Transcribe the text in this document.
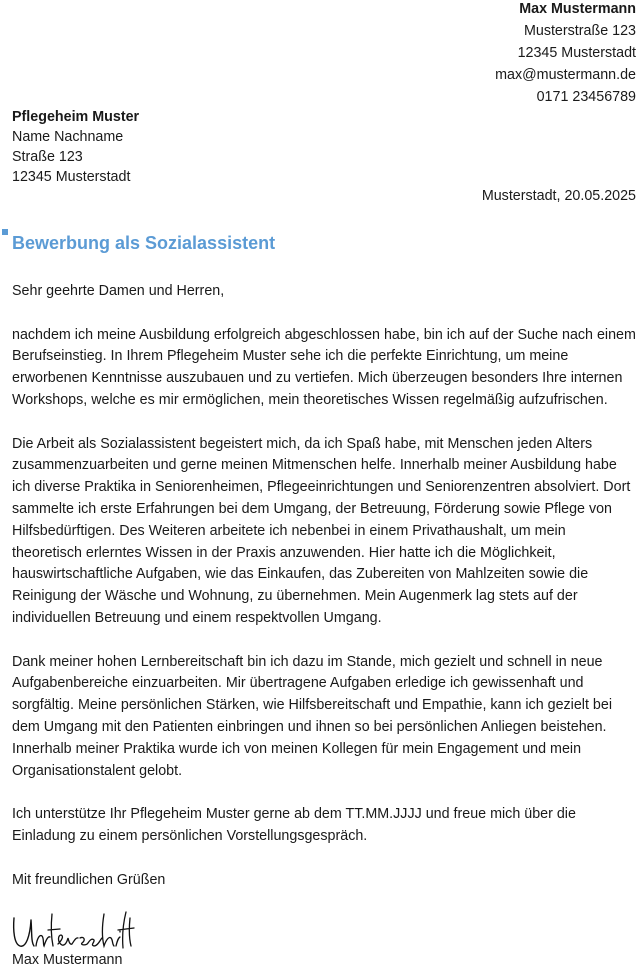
Max Mustermann
Musterstraße 123
12345 Musterstadt
max@mustermann.de
0171 23456789
Pflegeheim Muster
Name Nachname
Straße 123
12345 Musterstadt
Musterstadt, 20.05.2025
Bewerbung als Sozialassistent

Sehr geehrte Damen und Herren,

nachdem ich meine Ausbildung erfolgreich abgeschlossen habe, bin ich auf der Suche nach einem Berufseinstieg. In Ihrem Pflegeheim Muster sehe ich die perfekte Einrichtung, um meine erworbenen Kenntnisse auszubauen und zu vertiefen. Mich überzeugen besonders Ihre internen Workshops, welche es mir ermöglichen, mein theoretisches Wissen regelmäßig aufzufrischen.

Die Arbeit als Sozialassistent begeistert mich, da ich Spaß habe, mit Menschen jeden Alters zusammenzuarbeiten und gerne meinen Mitmenschen helfe. Innerhalb meiner Ausbildung habe ich diverse Praktika in Seniorenheimen, Pflegeeinrichtungen und Seniorenzentren absolviert. Dort sammelte ich erste Erfahrungen bei dem Umgang, der Betreuung, Förderung sowie Pflege von Hilfsbedürftigen. Des Weiteren arbeitete ich nebenbei in einem Privathaushalt, um mein theoretisch erlerntes Wissen in der Praxis anzuwenden. Hier hatte ich die Möglichkeit, hauswirtschaftliche Aufgaben, wie das Einkaufen, das Zubereiten von Mahlzeiten sowie die Reinigung der Wäsche und Wohnung, zu übernehmen. Mein Augenmerk lag stets auf der individuellen Betreuung und einem respektvollen Umgang.

Dank meiner hohen Lernbereitschaft bin ich dazu im Stande, mich gezielt und schnell in neue Aufgabenbereiche einzuarbeiten. Mir übertragene Aufgaben erledige ich gewissenhaft und sorgfältig. Meine persönlichen Stärken, wie Hilfsbereitschaft und Empathie, kann ich gezielt bei dem Umgang mit den Patienten einbringen und ihnen so bei persönlichen Anliegen beistehen. Innerhalb meiner Praktika wurde ich von meinen Kollegen für mein Engagement und mein Organisationstalent gelobt.

Ich unterstütze Ihr Pflegeheim Muster gerne ab dem TT.MM.JJJJ und freue mich über die Einladung zu einem persönlichen Vorstellungsgespräch.

Mit freundlichen Grüßen

Max Mustermann
